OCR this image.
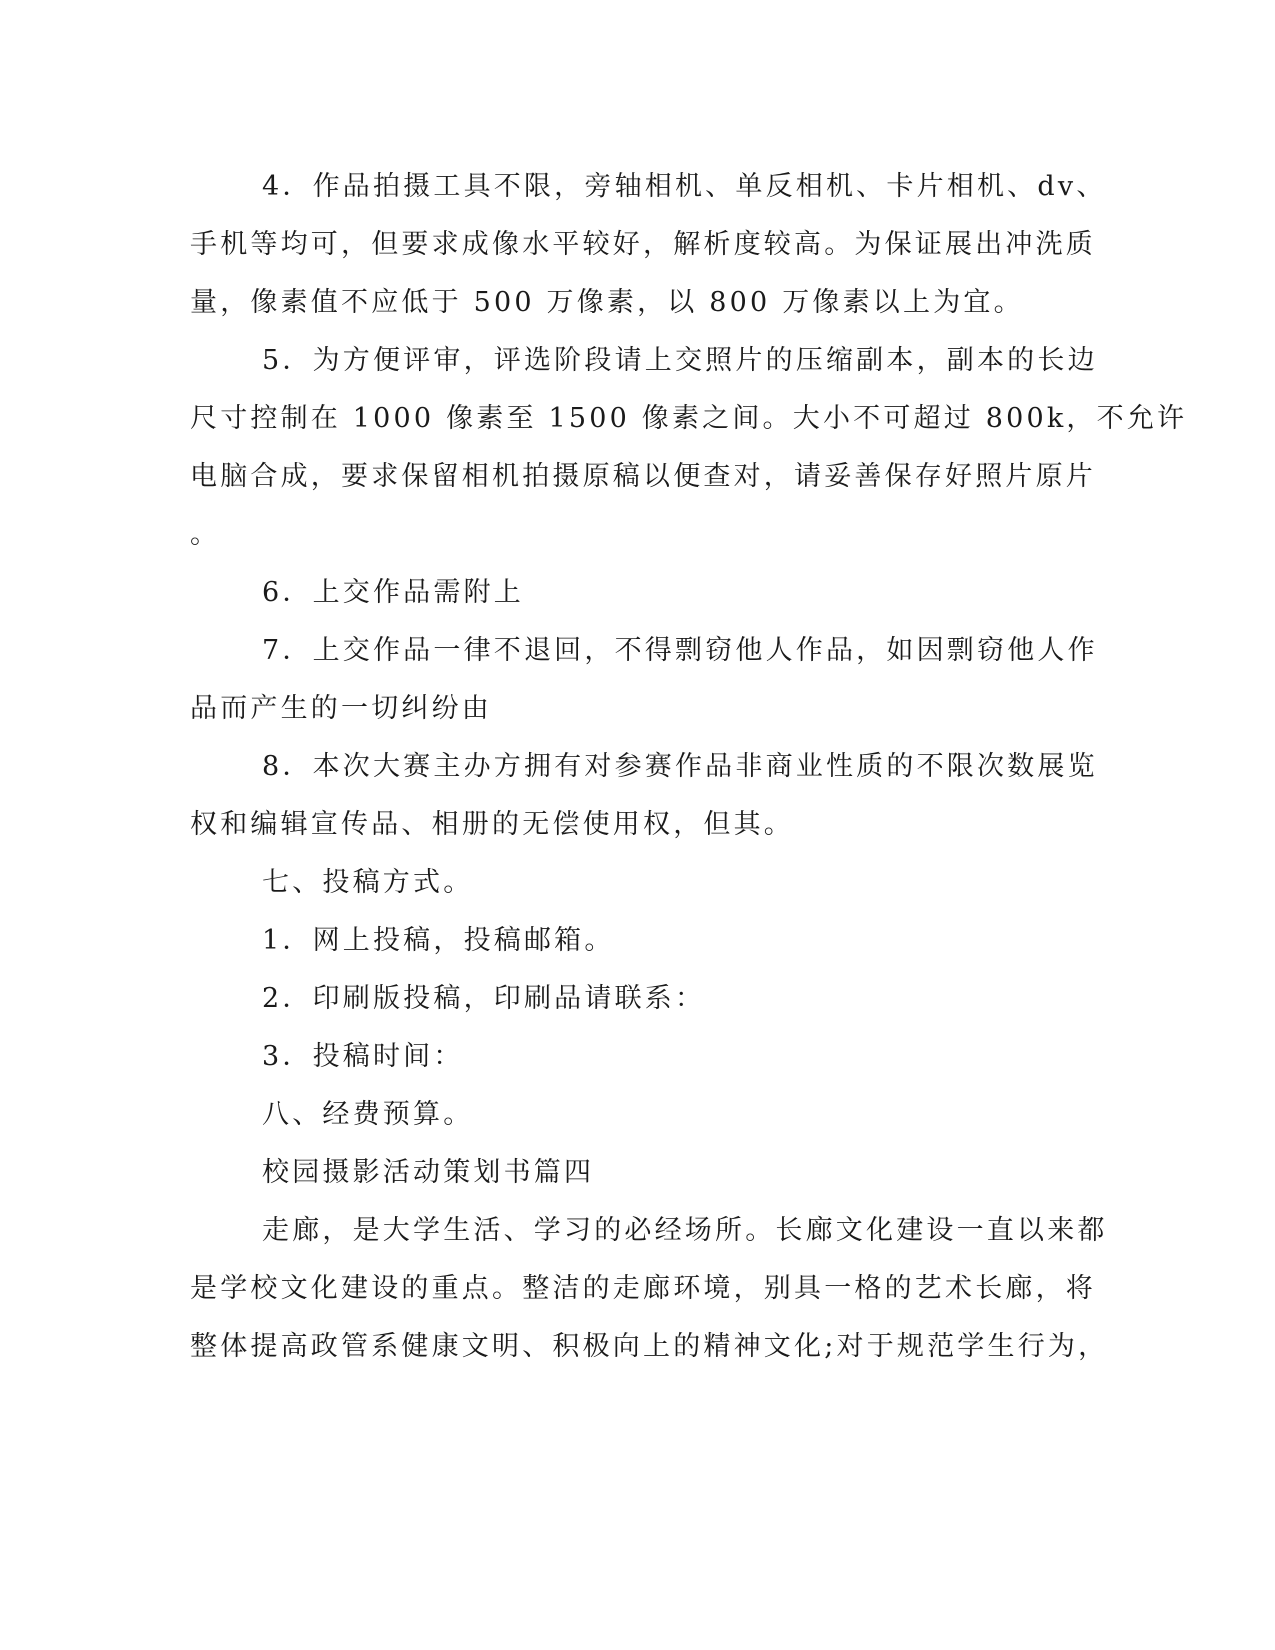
4．作品拍摄工具不限，旁轴相机、单反相机、卡片相机、dv、
手机等均可，但要求成像水平较好，解析度较高。为保证展出冲洗质
量，像素值不应低于 500 万像素，以 800 万像素以上为宜。
5．为方便评审，评选阶段请上交照片的压缩副本，副本的长边
尺寸控制在 1000 像素至 1500 像素之间。大小不可超过 800k，不允许
电脑合成，要求保留相机拍摄原稿以便查对，请妥善保存好照片原片
。
6．上交作品需附上
7．上交作品一律不退回，不得剽窃他人作品，如因剽窃他人作
品而产生的一切纠纷由
8．本次大赛主办方拥有对参赛作品非商业性质的不限次数展览
权和编辑宣传品、相册的无偿使用权，但其。
七、投稿方式。
1．网上投稿，投稿邮箱。
2．印刷版投稿，印刷品请联系：
3．投稿时间：
八、经费预算。
校园摄影活动策划书篇四
走廊，是大学生活、学习的必经场所。长廊文化建设一直以来都
是学校文化建设的重点。整洁的走廊环境，别具一格的艺术长廊，将
整体提高政管系健康文明、积极向上的精神文化;对于规范学生行为，
